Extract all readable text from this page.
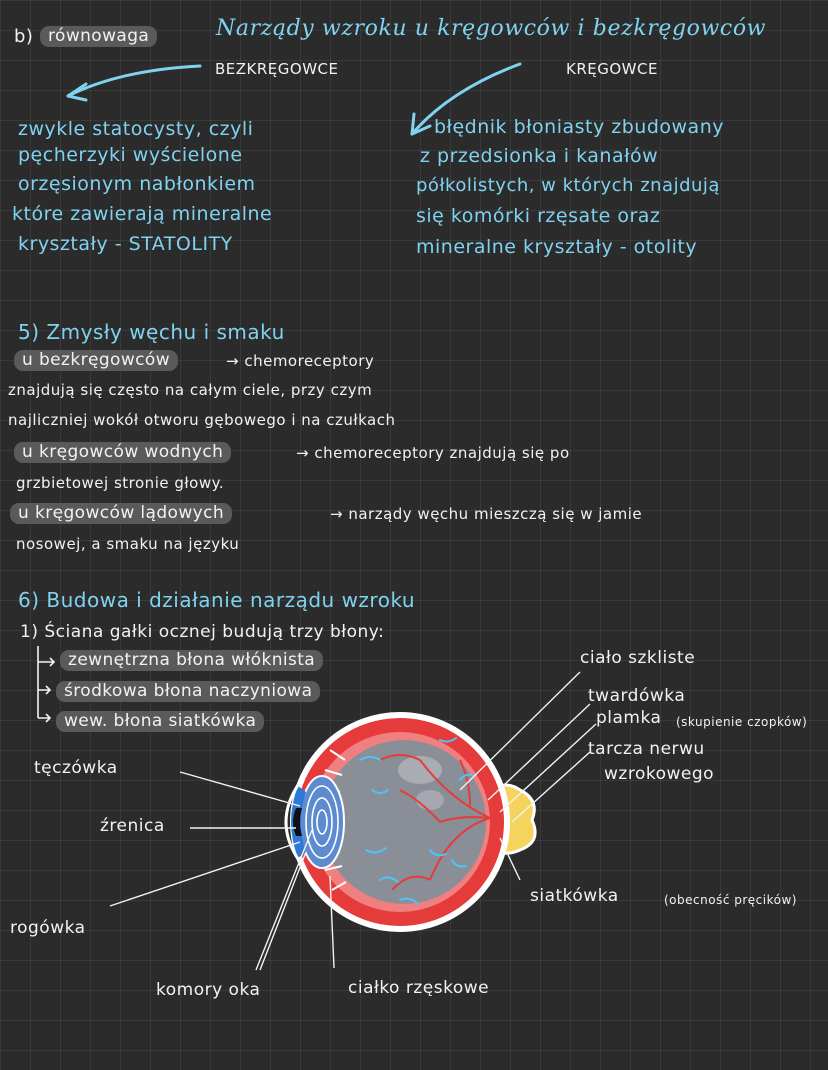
b) równowaga	Narządy wzroku u kręgowców i bezkręgowców
BEZKRĘGOWCE	KRĘGOWCE
zwykle statocysty, czyli
pęcherzyki wyścielone
orzęsionym nabłonkiem
które zawierają mineralne
kryształy - STATOLITY
błędnik błoniasty zbudowany
z przedsionka i kanałów
półkolistych, w których znajdują
się komórki rzęsate oraz
mineralne kryształy - otolity
5) Zmysły węchu i smaku
u bezkręgowców	→ chemoreceptory
znajdują się często na całym ciele, przy czym
najliczniej wokół otworu gębowego i na czułkach
u kręgowców wodnych	→ chemoreceptory znajdują się po
grzbietowej stronie głowy.
u kręgowców lądowych	→ narządy węchu mieszczą się w jamie
nosowej, a smaku na języku
6) Budowa i działanie narządu wzroku
1) Ściana gałki ocznej budują trzy błony:
zewnętrzna błona włóknista
środkowa błona naczyniowa
wew. błona siatkówka
ciało szkliste
twardówka
plamka (skupienie czopków)
tarcza nerwu
wzrokowego
tęczówka
źrenica
rogówka
siatkówka	(obecność pręcików)
komory oka	ciałko rzęskowe
